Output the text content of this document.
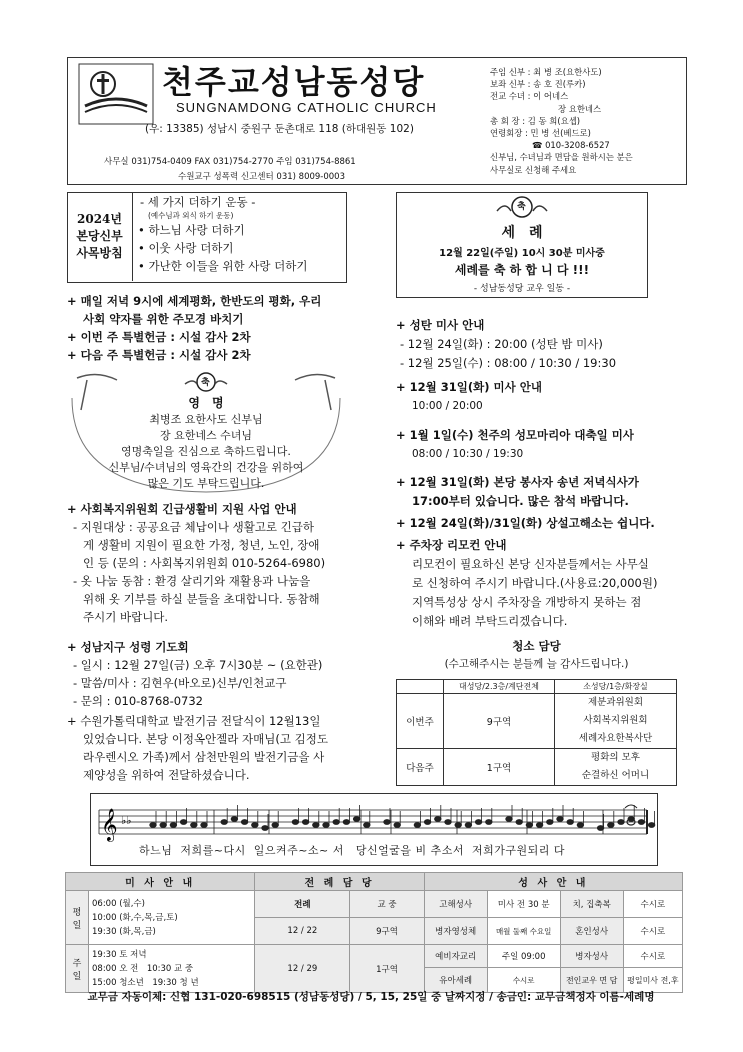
천주교성남동성당
SUNGNAMDONG CATHOLIC CHURCH
(우: 13385) 성남시 중원구 둔촌대로 118 (하대원동 102)
사무실 031)754-0409 FAX 031)754-2770 주임 031)754-8861
수원교구 성폭력 신고센터 031) 8009-0003
주임 신부 : 최 병 조(요한사도)
보좌 신부 : 송 호 진(루카)
전교 수녀 : 이 어네스
장 요한네스
총 회 장 : 김 동 희(요셉)
연령회장 : 민 병 선(베드로)
☎ 010-3208-6527
신부님, 수녀님과 면담을 원하시는 분은
사무실로 신청해 주세요
2024년
본당신부
사목방침
- 세 가지 더하기 운동 -
(예수님과 외식 하기 운동)
• 하느님 사랑 더하기
• 이웃 사랑 더하기
• 가난한 이들을 위한 사랑 더하기
+ 매일 저녁 9시에 세계평화, 한반도의 평화, 우리
사회 약자를 위한 주모경 바치기
+ 이번 주 특별헌금 : 시설 감사 2차
+ 다음 주 특별헌금 : 시설 감사 2차
축
영　명
최병조 요한사도 신부님
장 요한네스 수녀님
영명축일을 진심으로 축하드립니다.
신부님/수녀님의 영육간의 건강을 위하여
많은 기도 부탁드립니다.
+ 사회복지위원회 긴급생활비 지원 사업 안내
- 지원대상 : 공공요금 체납이나 생활고로 긴급하
게 생활비 지원이 필요한 가정, 청년, 노인, 장애
인 등 (문의 : 사회복지위원회 010-5264-6980)
- 옷 나눔 동참 : 환경 살리기와 재활용과 나눔을
위해 옷 기부를 하실 분들을 초대합니다. 동참해
주시기 바랍니다.
+ 성남지구 성령 기도회
- 일시 : 12월 27일(금) 오후 7시30분 ~ (요한관)
- 말씀/미사 : 김현우(바오로)신부/인천교구
- 문의 : 010-8768-0732
+ 수원가톨릭대학교 발전기금 전달식이 12월13일
있었습니다. 본당 이정옥안젤라 자매님(고 김정도
라우렌시오 가족)께서 삼천만원의 발전기금을 사
제양성을 위하여 전달하셨습니다.
축
세　례
12월 22일(주일) 10시 30분 미사중
세례를 축 하 합 니 다 !!!
- 성남동성당 교우 일동 -
+ 성탄 미사 안내
- 12월 24일(화) : 20:00 (성탄 밤 미사)
- 12월 25일(수) : 08:00 / 10:30 / 19:30
+ 12월 31일(화) 미사 안내
10:00 / 20:00
+ 1월 1일(수) 천주의 성모마리아 대축일 미사
08:00 / 10:30 / 19:30
+ 12월 31일(화) 본당 봉사자 송년 저녁식사가
17:00부터 있습니다. 많은 참석 바랍니다.
+ 12월 24일(화)/31일(화) 상설고해소는 쉽니다.
+ 주차장 리모컨 안내
리모컨이 필요하신 본당 신자분들께서는 사무실
로 신청하여 주시기 바랍니다.(사용료:20,000원)
지역특성상 상시 주차장을 개방하지 못하는 점
이해와 배려 부탁드리겠습니다.
청소 담당
(수고해주시는 분들께 늘 감사드립니다.)
	대성당/2.3층/계단전체	소성당/1층/화장실
이번주	9구역	제분과위원회
사회복지위원회
세례자요한복사단

다음주	1구역	평화의 모후
순결하신 어머니
𝄞 ♭♭
하느님  저희를~다시  일으켜주~소~ 서   당신얼굴을 비 추소서  저희가구원되리 다
미 사 안 내		전 례 담 당		성 사 안 내			
평일	06:00 (월,수)
10:00 (화,수,목,금,토)
19:30 (화,목,금)	전례	교 중	고해성사	미사 전 30 분	치, 집축복	수시로
		12 / 22	9구역	병자영성체	매월 둘째 수요일	혼인성사	수시로
주일	19:30 토 저녁
08:00 오 전　10:30 교 중
15:00 청소년　19:30 청 년	12 / 29	1구역	예비자교리	주일 09:00	병자성사	수시로
				유아세례	수시로	전인교우 면 담	평일미사 전,후
교무금 자동이체: 신협 131-020-698515 (성남동성당) / 5, 15, 25일 중 날짜지정 / 송금인: 교무금책정자 이름-세례명
